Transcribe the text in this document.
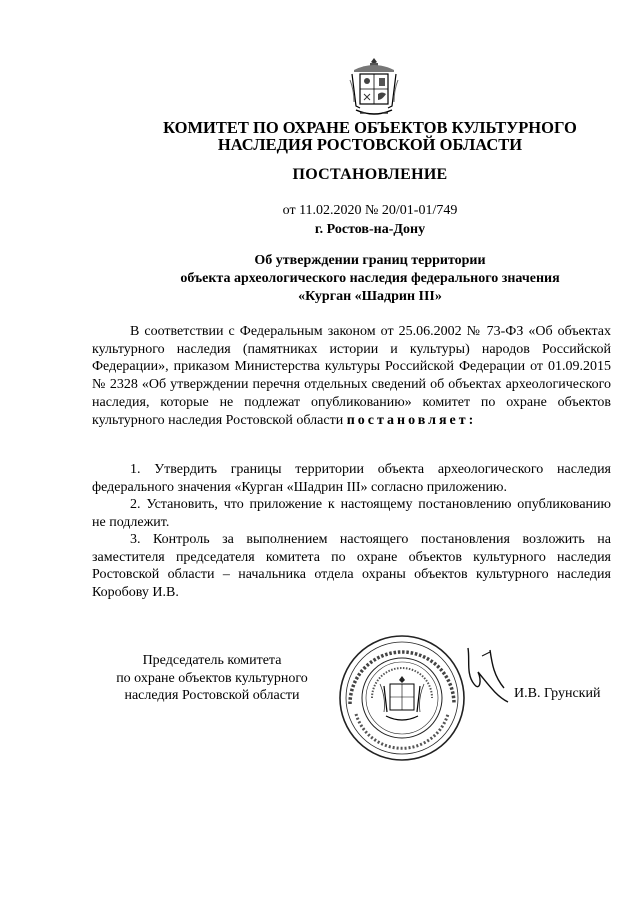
КОМИТЕТ ПО ОХРАНЕ ОБЪЕКТОВ КУЛЬТУРНОГО
НАСЛЕДИЯ РОСТОВСКОЙ ОБЛАСТИ
ПОСТАНОВЛЕНИЕ
от 11.02.2020 № 20/01-01/749
г. Ростов-на-Дону
Об утверждении границ территории
объекта археологического наследия федерального значения
«Курган «Шадрин III»
В соответствии с Федеральным законом от 25.06.2002 № 73-ФЗ «Об объектах культурного наследия (памятниках истории и культуры) народов Российской Федерации», приказом Министерства культуры Российской Федерации от 01.09.2015 № 2328 «Об утверждении перечня отдельных сведений об объектах археологического наследия, которые не подлежат опубликованию» комитет по охране объектов культурного наследия Ростовской области постановляет:
1. Утвердить границы территории объекта археологического наследия федерального значения «Курган «Шадрин III» согласно приложению.
2. Установить, что приложение к настоящему постановлению опубликованию не подлежит.
3. Контроль за выполнением настоящего постановления возложить на заместителя председателя комитета по охране объектов культурного наследия Ростовской области – начальника отдела охраны объектов культурного наследия Коробову И.В.
Председатель комитета
по охране объектов культурного
наследия Ростовской области	И.В. Грунский
